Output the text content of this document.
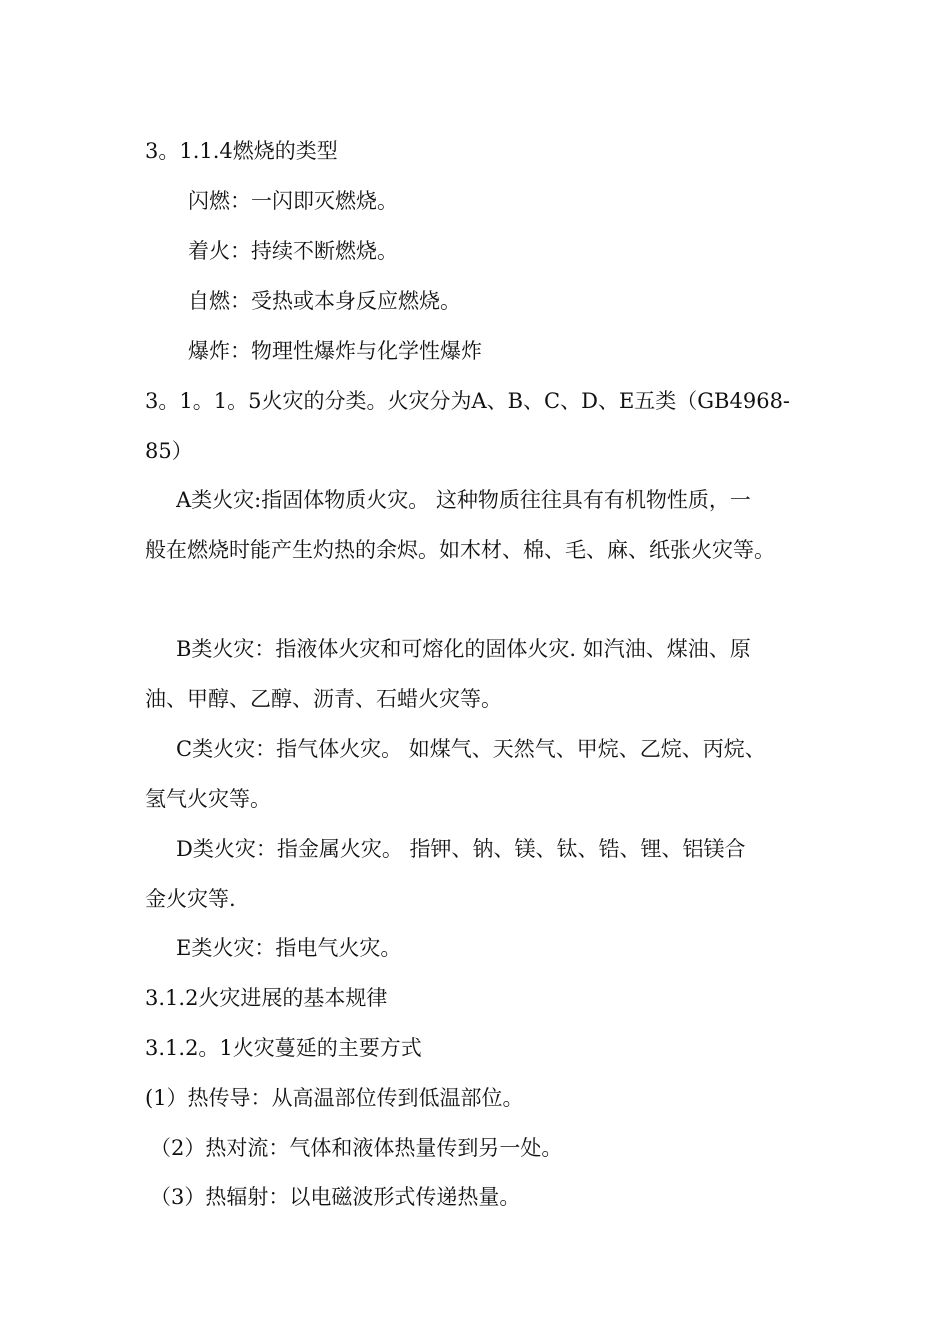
3。1.1.4燃烧的类型
闪燃：一闪即灭燃烧。
着火：持续不断燃烧。
自燃：受热或本身反应燃烧。
爆炸：物理性爆炸与化学性爆炸
3。1。1。5火灾的分类。火灾分为A、B、C、D、E五类（GB4968-
85）
A类火灾:指固体物质火灾。 这种物质往往具有有机物性质，一
般在燃烧时能产生灼热的余烬。如木材、棉、毛、麻、纸张火灾等。
B类火灾：指液体火灾和可熔化的固体火灾. 如汽油、煤油、原
油、甲醇、乙醇、沥青、石蜡火灾等。
C类火灾：指气体火灾。 如煤气、天然气、甲烷、乙烷、丙烷、
氢气火灾等。
D类火灾：指金属火灾。 指钾、钠、镁、钛、锆、锂、铝镁合
金火灾等.
E类火灾：指电气火灾。
3.1.2火灾进展的基本规律
3.1.2。1火灾蔓延的主要方式
(1）热传导：从高温部位传到低温部位。
（2）热对流：气体和液体热量传到另一处。
（3）热辐射：以电磁波形式传递热量。
